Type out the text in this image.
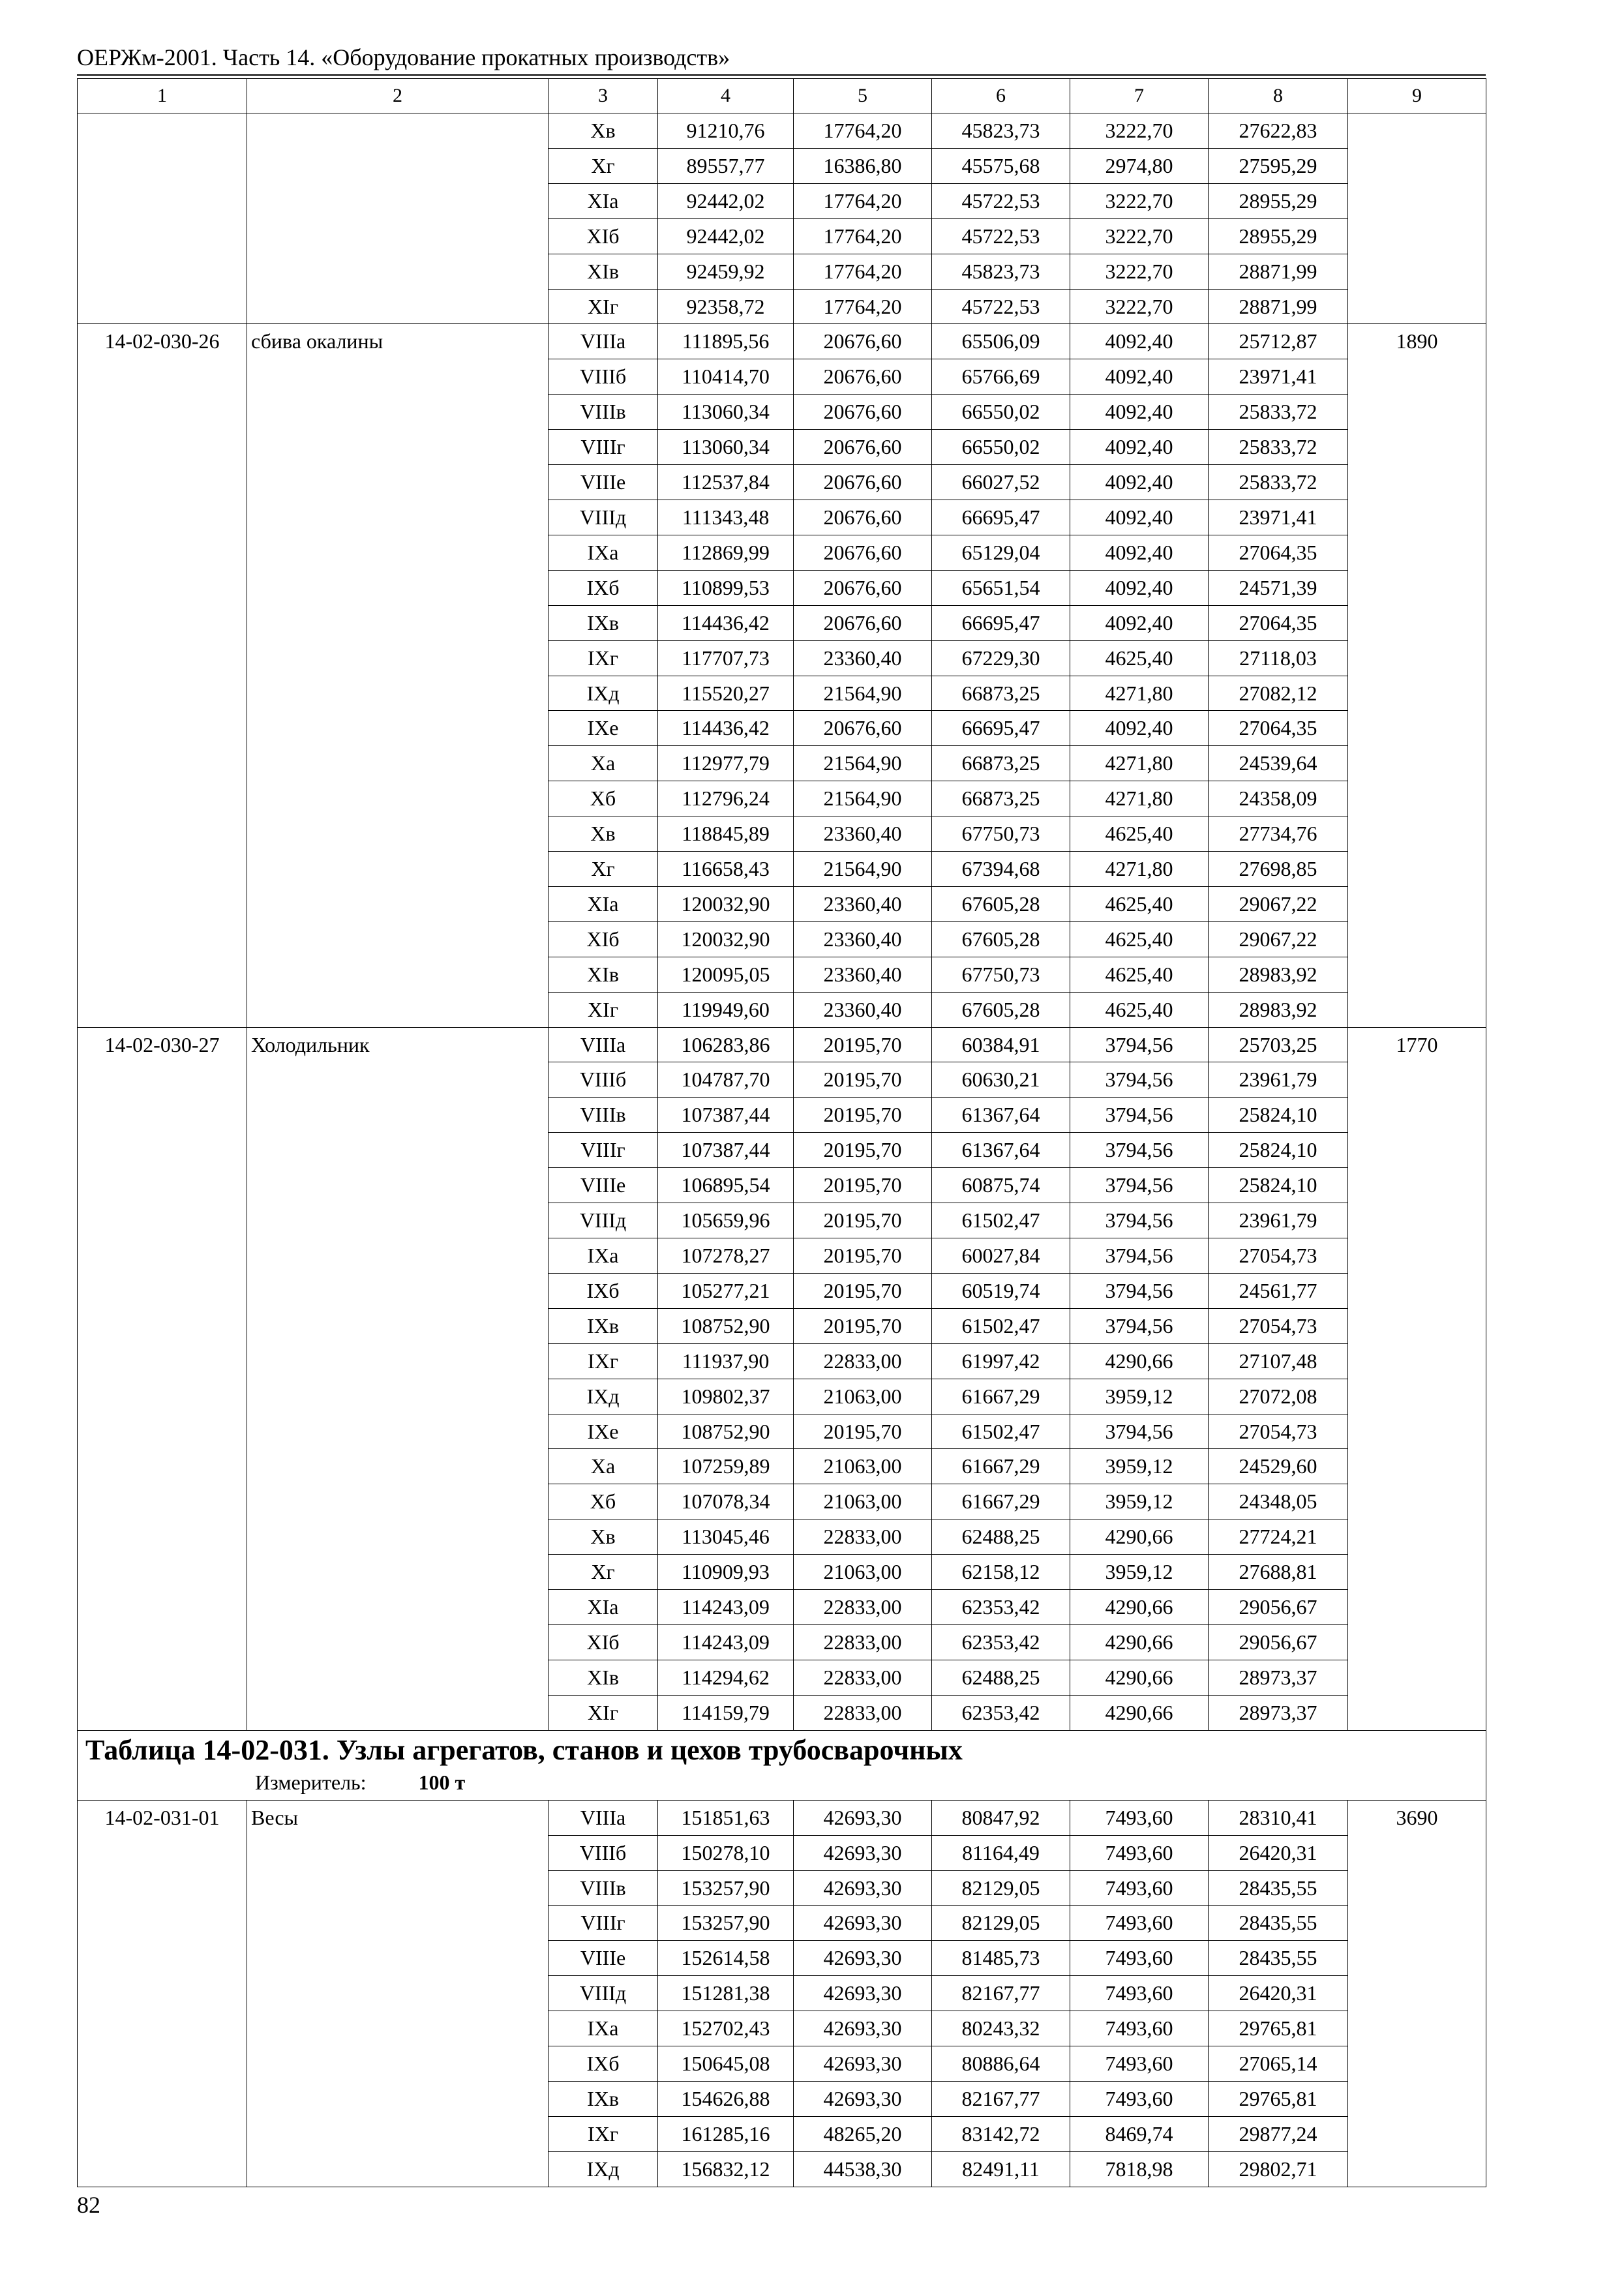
ОЕРЖм-2001. Часть 14. «Оборудование прокатных производств»
1	2	3	4	5	6	7	8	9
		Xв	91210,76	17764,20	45823,73	3222,70	27622,83	
		Xг	89557,77	16386,80	45575,68	2974,80	27595,29	
		XIа	92442,02	17764,20	45722,53	3222,70	28955,29	
		XIб	92442,02	17764,20	45722,53	3222,70	28955,29	
		XIв	92459,92	17764,20	45823,73	3222,70	28871,99	
		XIг	92358,72	17764,20	45722,53	3222,70	28871,99	
14-02-030-26	сбива окалины	VIIIа	111895,56	20676,60	65506,09	4092,40	25712,87	1890
		VIIIб	110414,70	20676,60	65766,69	4092,40	23971,41	
		VIIIв	113060,34	20676,60	66550,02	4092,40	25833,72	
		VIIIг	113060,34	20676,60	66550,02	4092,40	25833,72	
		VIIIе	112537,84	20676,60	66027,52	4092,40	25833,72	
		VIIIд	111343,48	20676,60	66695,47	4092,40	23971,41	
		IXа	112869,99	20676,60	65129,04	4092,40	27064,35	
		IXб	110899,53	20676,60	65651,54	4092,40	24571,39	
		IXв	114436,42	20676,60	66695,47	4092,40	27064,35	
		IXг	117707,73	23360,40	67229,30	4625,40	27118,03	
		IXд	115520,27	21564,90	66873,25	4271,80	27082,12	
		IXе	114436,42	20676,60	66695,47	4092,40	27064,35	
		Xа	112977,79	21564,90	66873,25	4271,80	24539,64	
		Xб	112796,24	21564,90	66873,25	4271,80	24358,09	
		Xв	118845,89	23360,40	67750,73	4625,40	27734,76	
		Xг	116658,43	21564,90	67394,68	4271,80	27698,85	
		XIа	120032,90	23360,40	67605,28	4625,40	29067,22	
		XIб	120032,90	23360,40	67605,28	4625,40	29067,22	
		XIв	120095,05	23360,40	67750,73	4625,40	28983,92	
		XIг	119949,60	23360,40	67605,28	4625,40	28983,92	
14-02-030-27	Холодильник	VIIIа	106283,86	20195,70	60384,91	3794,56	25703,25	1770
		VIIIб	104787,70	20195,70	60630,21	3794,56	23961,79	
		VIIIв	107387,44	20195,70	61367,64	3794,56	25824,10	
		VIIIг	107387,44	20195,70	61367,64	3794,56	25824,10	
		VIIIе	106895,54	20195,70	60875,74	3794,56	25824,10	
		VIIIд	105659,96	20195,70	61502,47	3794,56	23961,79	
		IXа	107278,27	20195,70	60027,84	3794,56	27054,73	
		IXб	105277,21	20195,70	60519,74	3794,56	24561,77	
		IXв	108752,90	20195,70	61502,47	3794,56	27054,73	
		IXг	111937,90	22833,00	61997,42	4290,66	27107,48	
		IXд	109802,37	21063,00	61667,29	3959,12	27072,08	
		IXе	108752,90	20195,70	61502,47	3794,56	27054,73	
		Xа	107259,89	21063,00	61667,29	3959,12	24529,60	
		Xб	107078,34	21063,00	61667,29	3959,12	24348,05	
		Xв	113045,46	22833,00	62488,25	4290,66	27724,21	
		Xг	110909,93	21063,00	62158,12	3959,12	27688,81	
		XIа	114243,09	22833,00	62353,42	4290,66	29056,67	
		XIб	114243,09	22833,00	62353,42	4290,66	29056,67	
		XIв	114294,62	22833,00	62488,25	4290,66	28973,37	
		XIг	114159,79	22833,00	62353,42	4290,66	28973,37	

Таблица 14-02-031. Узлы агрегатов, станов и цехов трубосварочных
Измеритель: 100 т								

14-02-031-01	Весы	VIIIа	151851,63	42693,30	80847,92	7493,60	28310,41	3690
		VIIIб	150278,10	42693,30	81164,49	7493,60	26420,31	
		VIIIв	153257,90	42693,30	82129,05	7493,60	28435,55	
		VIIIг	153257,90	42693,30	82129,05	7493,60	28435,55	
		VIIIе	152614,58	42693,30	81485,73	7493,60	28435,55	
		VIIIд	151281,38	42693,30	82167,77	7493,60	26420,31	
		IXа	152702,43	42693,30	80243,32	7493,60	29765,81	
		IXб	150645,08	42693,30	80886,64	7493,60	27065,14	
		IXв	154626,88	42693,30	82167,77	7493,60	29765,81	
		IXг	161285,16	48265,20	83142,72	8469,74	29877,24	
		IXд	156832,12	44538,30	82491,11	7818,98	29802,71	
82
